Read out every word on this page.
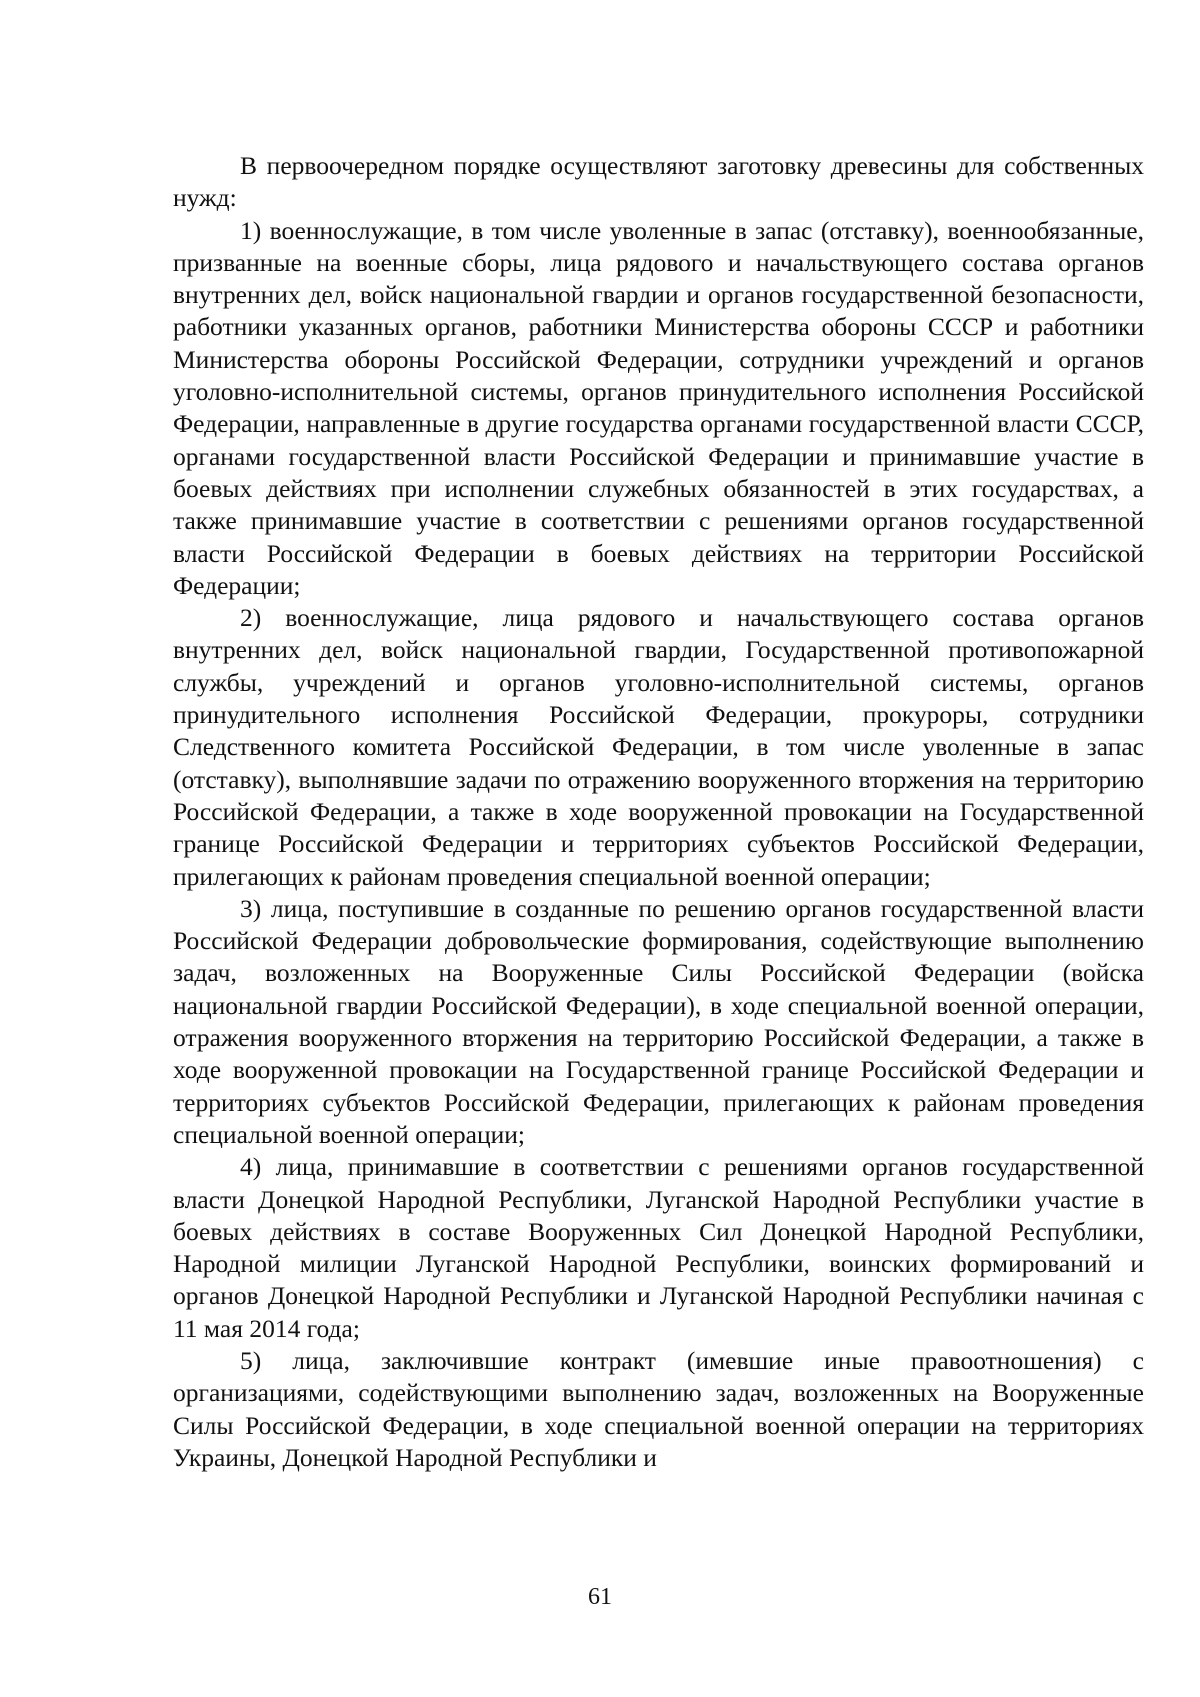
В первоочередном порядке осуществляют заготовку древесины для собственных нужд:

1) военнослужащие, в том числе уволенные в запас (отставку), военнообязанные, призванные на военные сборы, лица рядового и начальствующего состава органов внутренних дел, войск национальной гвардии и органов государственной безопасности, работники указанных органов, работники Министерства обороны СССР и работники Министерства обороны Российской Федерации, сотрудники учреждений и органов уголовно-исполнительной системы, органов принудительного исполнения Российской Федерации, направленные в другие государства органами государственной власти СССР, органами государственной власти Российской Федерации и принимавшие участие в боевых действиях при исполнении служебных обязанностей в этих государствах, а также принимавшие участие в соответствии с решениями органов государственной власти Российской Федерации в боевых действиях на территории Российской Федерации;

2) военнослужащие, лица рядового и начальствующего состава органов внутренних дел, войск национальной гвардии, Государственной противопожарной службы, учреждений и органов уголовно-исполнительной системы, органов принудительного исполнения Российской Федерации, прокуроры, сотрудники Следственного комитета Российской Федерации, в том числе уволенные в запас (отставку), выполнявшие задачи по отражению вооруженного вторжения на территорию Российской Федерации, а также в ходе вооруженной провокации на Государственной границе Российской Федерации и территориях субъектов Российской Федерации, прилегающих к районам проведения специальной военной операции;

3) лица, поступившие в созданные по решению органов государственной власти Российской Федерации добровольческие формирования, содействующие выполнению задач, возложенных на Вооруженные Силы Российской Федерации (войска национальной гвардии Российской Федерации), в ходе специальной военной операции, отражения вооруженного вторжения на территорию Российской Федерации, а также в ходе вооруженной провокации на Государственной границе Российской Федерации и территориях субъектов Российской Федерации, прилегающих к районам проведения специальной военной операции;

4) лица, принимавшие в соответствии с решениями органов государственной власти Донецкой Народной Республики, Луганской Народной Республики участие в боевых действиях в составе Вооруженных Сил Донецкой Народной Республики, Народной милиции Луганской Народной Республики, воинских формирований и органов Донецкой Народной Республики и Луганской Народной Республики начиная с 11 мая 2014 года;

5) лица, заключившие контракт (имевшие иные правоотношения) с организациями, содействующими выполнению задач, возложенных на Вооруженные Силы Российской Федерации, в ходе специальной военной операции на территориях Украины, Донецкой Народной Республики и

61
